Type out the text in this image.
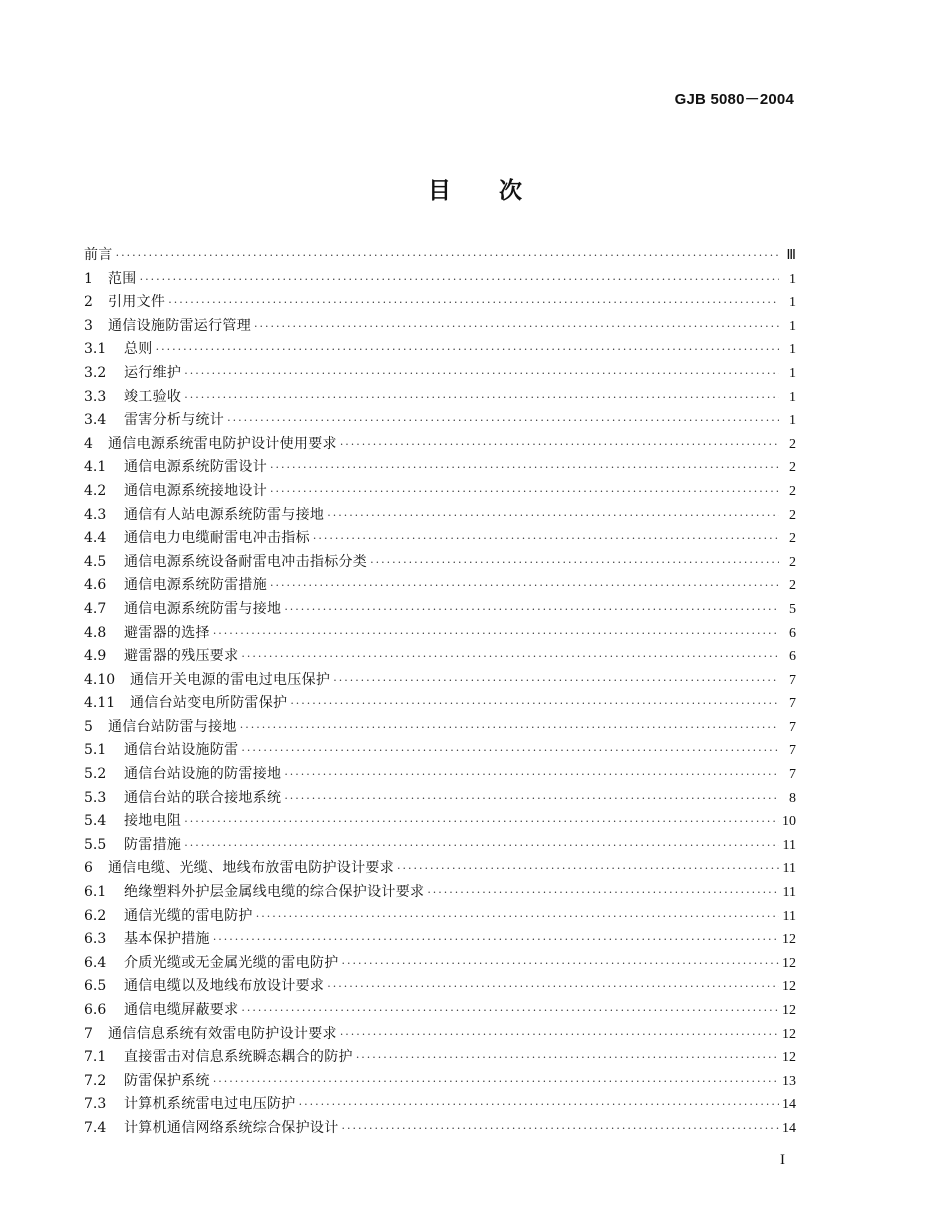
GJB 5080－2004
目次
前言 ·····	Ⅲ
1	范围 ·····	1
2	引用文件 ·····	1
3	通信设施防雷运行管理 ·····	1
3.1	总则 ·····	1
3.2	运行维护 ·····	1
3.3	竣工验收 ·····	1
3.4	雷害分析与统计 ·····	1
4	通信电源系统雷电防护设计使用要求 ·····	2
4.1	通信电源系统防雷设计 ·····	2
4.2	通信电源系统接地设计 ·····	2
4.3	通信有人站电源系统防雷与接地 ·····	2
4.4	通信电力电缆耐雷电冲击指标 ·····	2
4.5	通信电源系统设备耐雷电冲击指标分类 ·····	2
4.6	通信电源系统防雷措施 ·····	2
4.7	通信电源系统防雷与接地 ·····	5
4.8	避雷器的选择 ·····	6
4.9	避雷器的残压要求 ·····	6
4.10	通信开关电源的雷电过电压保护 ·····	7
4.11	通信台站变电所防雷保护 ·····	7
5	通信台站防雷与接地 ·····	7
5.1	通信台站设施防雷 ·····	7
5.2	通信台站设施的防雷接地 ·····	7
5.3	通信台站的联合接地系统 ·····	8
5.4	接地电阻 ·····	10
5.5	防雷措施 ·····	11
6	通信电缆、光缆、地线布放雷电防护设计要求 ·····	11
6.1	绝缘塑料外护层金属线电缆的综合保护设计要求 ·····	11
6.2	通信光缆的雷电防护 ·····	11
6.3	基本保护措施 ·····	12
6.4	介质光缆或无金属光缆的雷电防护 ·····	12
6.5	通信电缆以及地线布放设计要求 ·····	12
6.6	通信电缆屏蔽要求 ·····	12
7	通信信息系统有效雷电防护设计要求 ·····	12
7.1	直接雷击对信息系统瞬态耦合的防护 ·····	12
7.2	防雷保护系统 ·····	13
7.3	计算机系统雷电过电压防护 ·····	14
7.4	计算机通信网络系统综合保护设计 ·····	14
I
